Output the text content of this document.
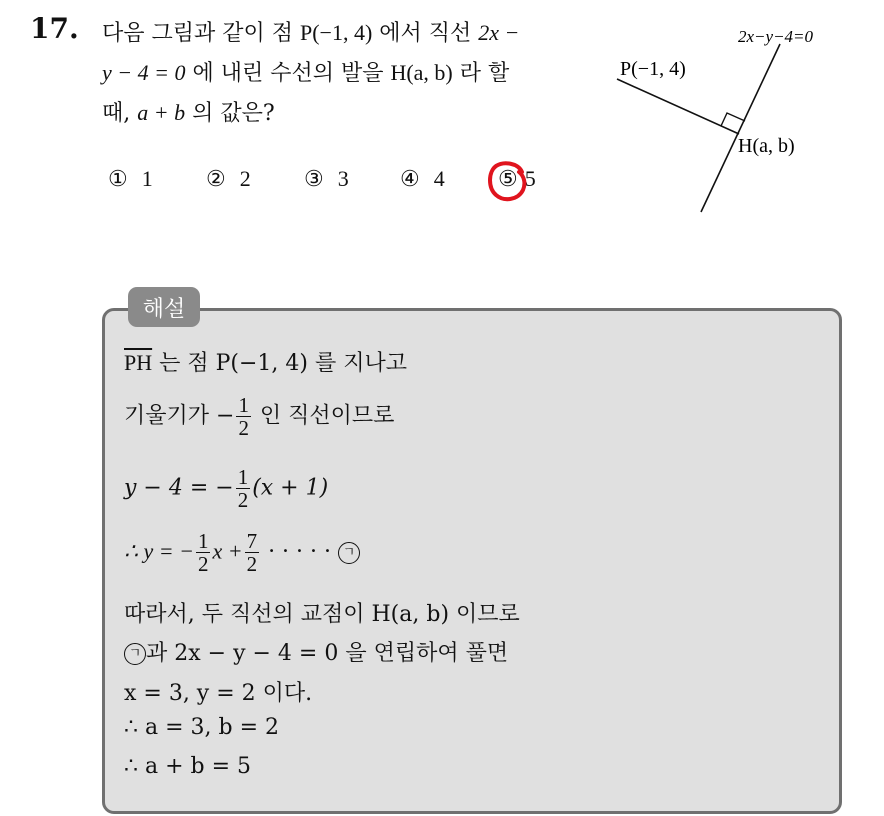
17. 다음 그림과 같이 점 P(−1, 4) 에서 직선 2x −
y − 4 = 0 에 내린 수선의 발을 H(a, b) 라 할
때, a + b 의 값은?
① 1 ② 2 ③ 3 ④ 4 ⑤ 5
2x−y−4=0
P(−1, 4)
H(a, b)
해설
$\overline{PH}$ 는 점 P(−1, 4) 를 지나고
기울기가 − $\frac{1}{2}$ 인 직선이므로
y − 4 = − $\frac{1}{2} (x + 1)$
∴ y = − $\frac{1}{2}$ $x + \frac{7}{2}$ · · · · · ㄱ
따라서, 두 직선의 교점이 H(a, b) 이므로
ㄱ 과 2x − y − 4 = 0 을 연립하여 풀면
x = 3, y = 2 이다.
∴ a = 3, b = 2
∴ a + b = 5
